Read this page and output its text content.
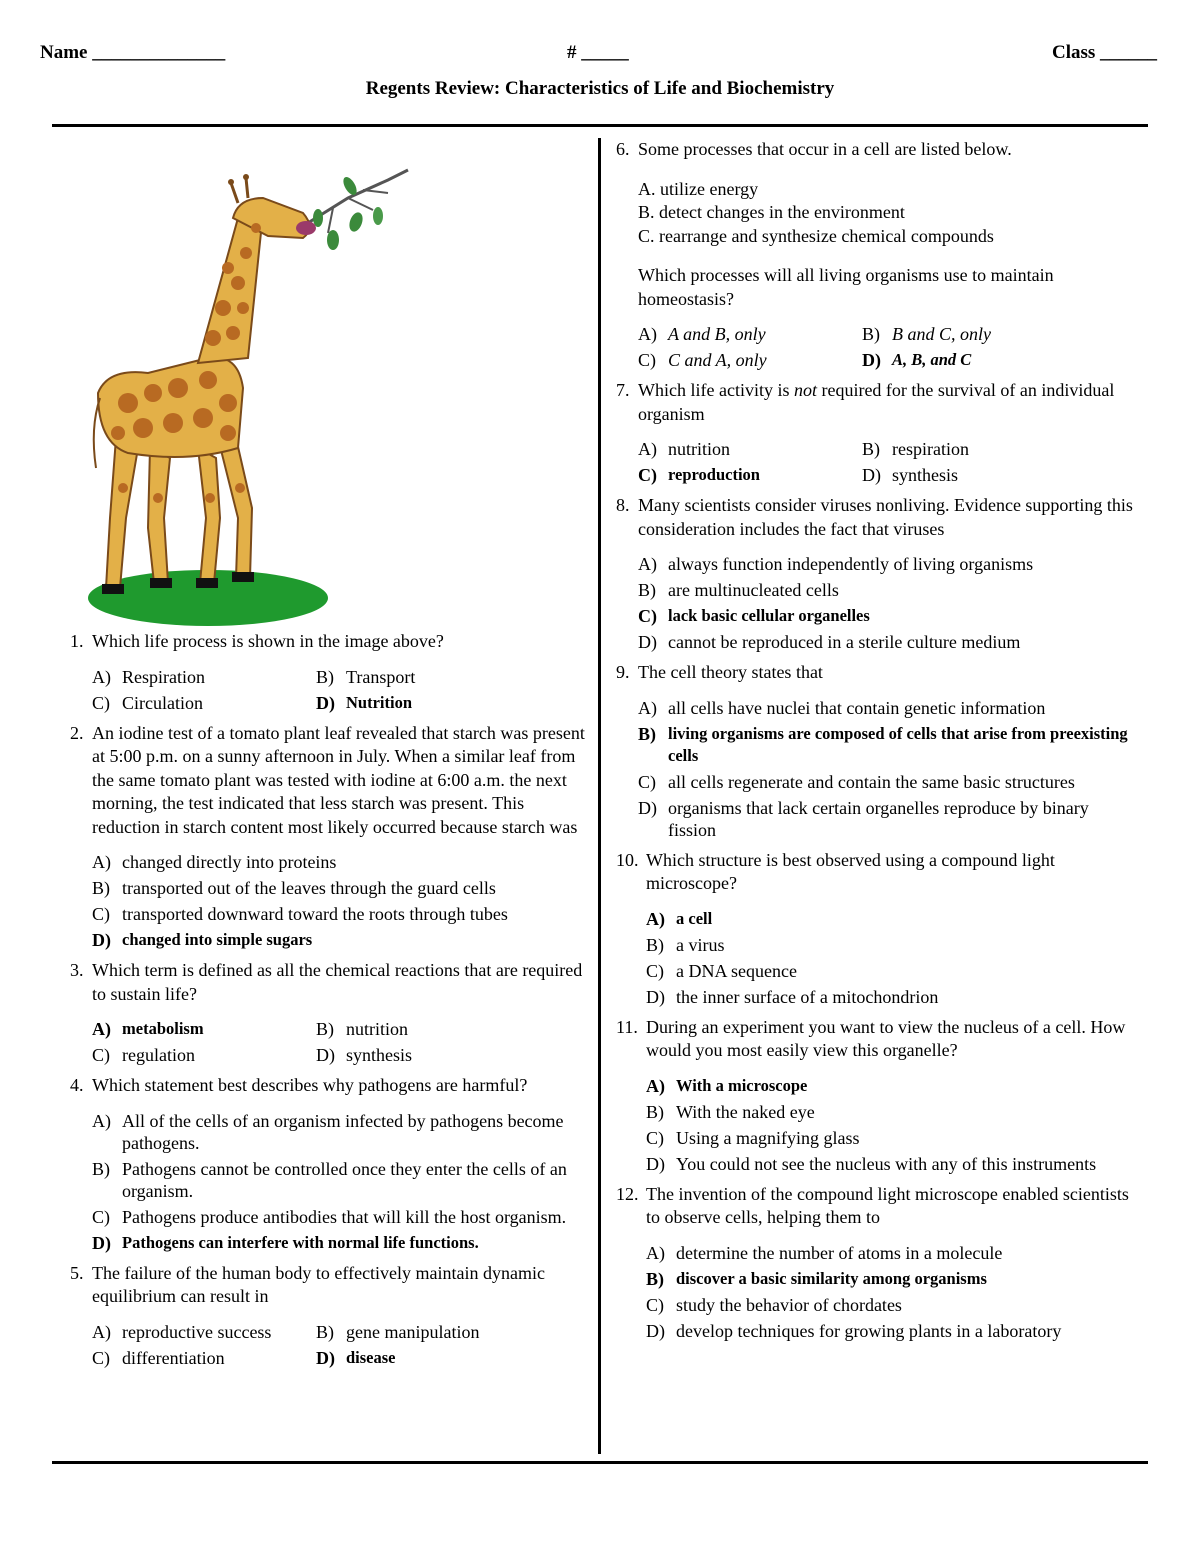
Name ______________	# _____	Class ______
Regents Review: Characteristics of Life and Biochemistry
1. Which life process is shown in the image above?
A) Respiration	B) Transport
C) Circulation	D) Nutrition
2. An iodine test of a tomato plant leaf revealed that starch was present at 5:00 p.m. on a sunny afternoon in July. When a similar leaf from the same tomato plant was tested with iodine at 6:00 a.m. the next morning, the test indicated that less starch was present. This reduction in starch content most likely occurred because starch was
A) changed directly into proteins
B) transported out of the leaves through the guard cells
C) transported downward toward the roots through tubes
D) changed into simple sugars
3. Which term is defined as all the chemical reactions that are required to sustain life?
A) metabolism	B) nutrition
C) regulation	D) synthesis
4. Which statement best describes why pathogens are harmful?
A) All of the cells of an organism infected by pathogens become pathogens.
B) Pathogens cannot be controlled once they enter the cells of an organism.
C) Pathogens produce antibodies that will kill the host organism.
D) Pathogens can interfere with normal life functions.
5. The failure of the human body to effectively maintain dynamic equilibrium can result in
A) reproductive success B) gene manipulation
C) differentiation	D) disease
6. Some processes that occur in a cell are listed below.
A. utilize energy
B. detect changes in the environment
C. rearrange and synthesize chemical compounds
Which processes will all living organisms use to maintain homeostasis?
A) A and B, only	B) B and C, only
C) C and A, only	D) A, B, and C
7. Which life activity is not required for the survival of an individual organism
A) nutrition	B) respiration
C) reproduction	D) synthesis
8. Many scientists consider viruses nonliving. Evidence supporting this consideration includes the fact that viruses
A) always function independently of living organisms
B) are multinucleated cells
C) lack basic cellular organelles
D) cannot be reproduced in a sterile culture medium
9. The cell theory states that
A) all cells have nuclei that contain genetic information
B) living organisms are composed of cells that arise from preexisting cells
C) all cells regenerate and contain the same basic structures
D) organisms that lack certain organelles reproduce by binary fission
10. Which structure is best observed using a compound light microscope?
A) a cell
B) a virus
C) a DNA sequence
D) the inner surface of a mitochondrion
11. During an experiment you want to view the nucleus of a cell. How would you most easily view this organelle?
A) With a microscope
B) With the naked eye
C) Using a magnifying glass
D) You could not see the nucleus with any of this instruments
12. The invention of the compound light microscope enabled scientists to observe cells, helping them to
A) determine the number of atoms in a molecule
B) discover a basic similarity among organisms
C) study the behavior of chordates
D) develop techniques for growing plants in a laboratory
